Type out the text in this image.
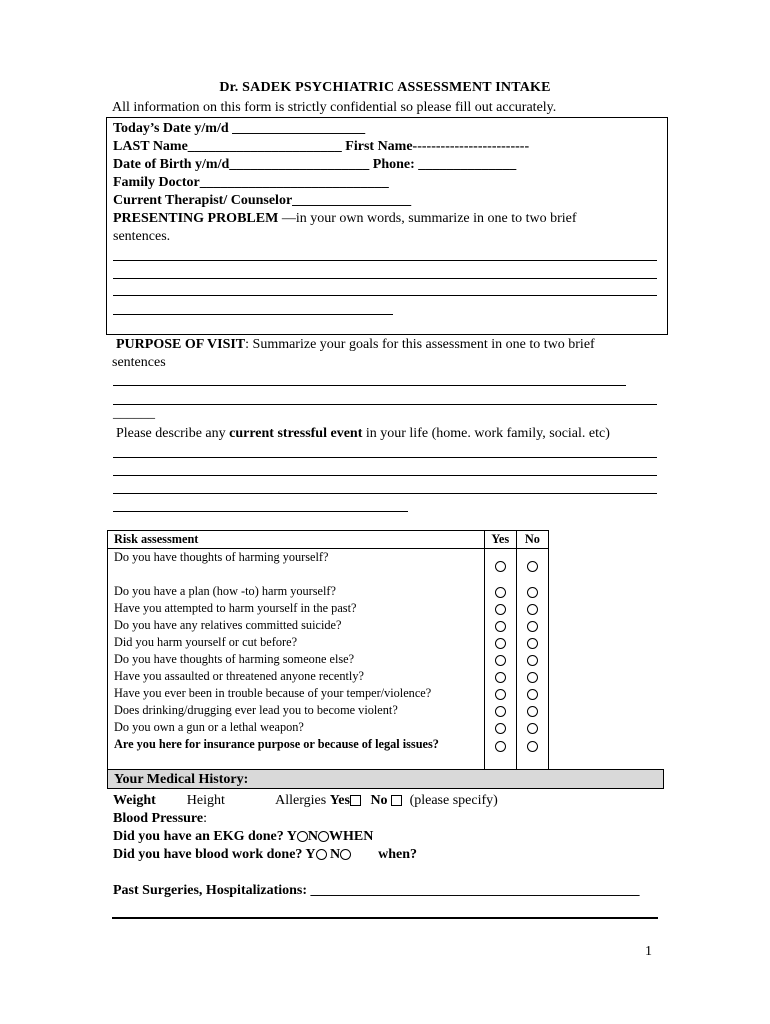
Dr. SADEK PSYCHIATRIC ASSESSMENT INTAKE
All information on this form is strictly confidential so please fill out accurately.
Today’s Date y/m/d ___________________
LAST Name______________________ First Name-------------------------
Date of Birth y/m/d____________________ Phone: ______________
Family Doctor___________________________
Current Therapist/ Counselor_________________
PRESENTING PROBLEM —in your own words, summarize in one to two brief
sentences.
PURPOSE OF VISIT: Summarize your goals for this assessment in one to two brief
sentences
______
Please describe any current stressful event in your life (home. work family, social. etc)
Risk assessment	Yes	No
Do you have thoughts of harming yourself?		
Do you have a plan (how -to) harm yourself?		
Have you attempted to harm yourself in the past?		
Do you have any relatives committed suicide?		
Did you harm yourself or cut before?		
Do you have thoughts of harming someone else?		
Have you assaulted or threatened anyone recently?		
Have you ever been in trouble because of your temper/violence?		
Does drinking/drugging ever lead you to become violent?		
Do you own a gun or a lethal weapon?		
Are you here for insurance purpose or because of legal issues?		

Your Medical History:
Weight Height	Allergies Yes No (please specify)
Blood Pressure:
Did you have an EKG done? Y N WHEN
Did you have blood work done? Y N	when?
Past Surgeries, Hospitalizations: _______________________________________________
1
